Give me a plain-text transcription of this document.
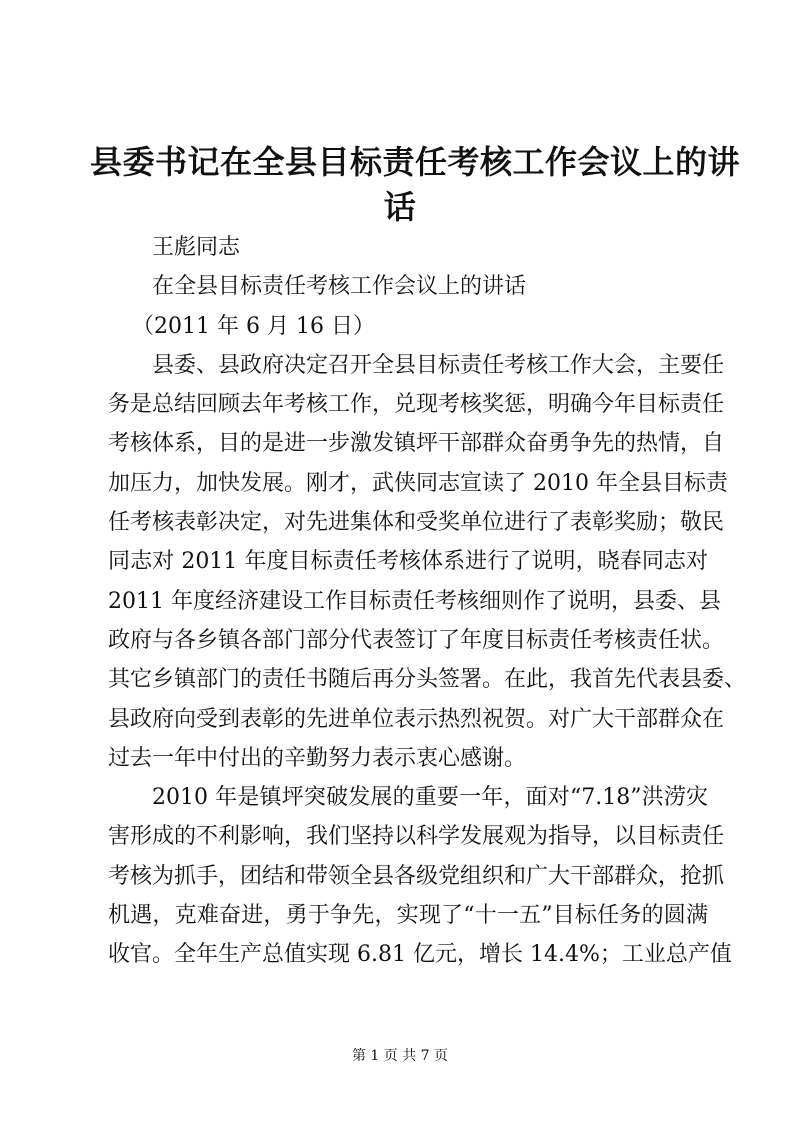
县委书记在全县目标责任考核工作会议上的讲
话
王彪同志
在全县目标责任考核工作会议上的讲话
（2011 年 6 月 16 日）
县委、县政府决定召开全县目标责任考核工作大会，主要任
务是总结回顾去年考核工作，兑现考核奖惩，明确今年目标责任
考核体系，目的是进一步激发镇坪干部群众奋勇争先的热情，自
加压力，加快发展。刚才，武侠同志宣读了 2010 年全县目标责
任考核表彰决定，对先进集体和受奖单位进行了表彰奖励；敬民
同志对 2011 年度目标责任考核体系进行了说明，晓春同志对
2011 年度经济建设工作目标责任考核细则作了说明，县委、县
政府与各乡镇各部门部分代表签订了年度目标责任考核责任状。
其它乡镇部门的责任书随后再分头签署。在此，我首先代表县委、
县政府向受到表彰的先进单位表示热烈祝贺。对广大干部群众在
过去一年中付出的辛勤努力表示衷心感谢。
2010 年是镇坪突破发展的重要一年，面对“7.18”洪涝灾
害形成的不利影响，我们坚持以科学发展观为指导，以目标责任
考核为抓手，团结和带领全县各级党组织和广大干部群众，抢抓
机遇，克难奋进，勇于争先，实现了“十一五”目标任务的圆满
收官。全年生产总值实现 6.81 亿元，增长 14.4%；工业总产值
第 1 页 共 7 页
